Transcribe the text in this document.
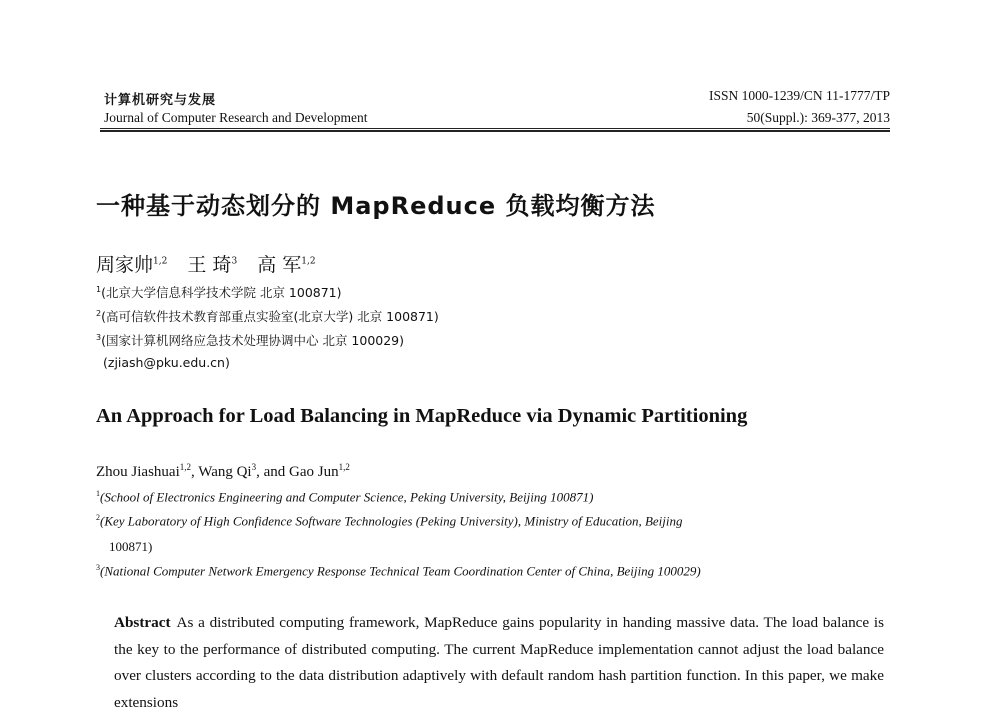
计算机研究与发展	ISSN 1000-1239/CN 11-1777/TP
Journal of Computer Research and Development	50(Suppl.): 369-377, 2013
一种基于动态划分的 MapReduce 负载均衡方法
周家帅$^{1,2}$ 王 琦$^3$ 高 军$^{1,2}$
$^1$(北京大学信息科学技术学院 北京 100871)
$^2$(高可信软件技术教育部重点实验室(北京大学) 北京 100871)
$^3$(国家计算机网络应急技术处理协调中心 北京 100029)
(zjiash@pku.edu.cn)
An Approach for Load Balancing in MapReduce via Dynamic Partitioning
Zhou Jiashuai$^{1,2}$, Wang Qi$^3$, and Gao Jun$^{1,2}$
$^1$(School of Electronics Engineering and Computer Science, Peking University, Beijing 100871)
$^2$(Key Laboratory of High Confidence Software Technologies (Peking University), Ministry of Education, Beijing
100871)
$^3$(National Computer Network Emergency Response Technical Team Coordination Center of China, Beijing 100029)
Abstract As a distributed computing framework, MapReduce gains popularity in handing massive data. The load balance is the key to the performance of distributed computing. The current MapReduce implementation cannot adjust the load balance over clusters according to the data distribution adaptively with default random hash partition function. In this paper, we make extensions
